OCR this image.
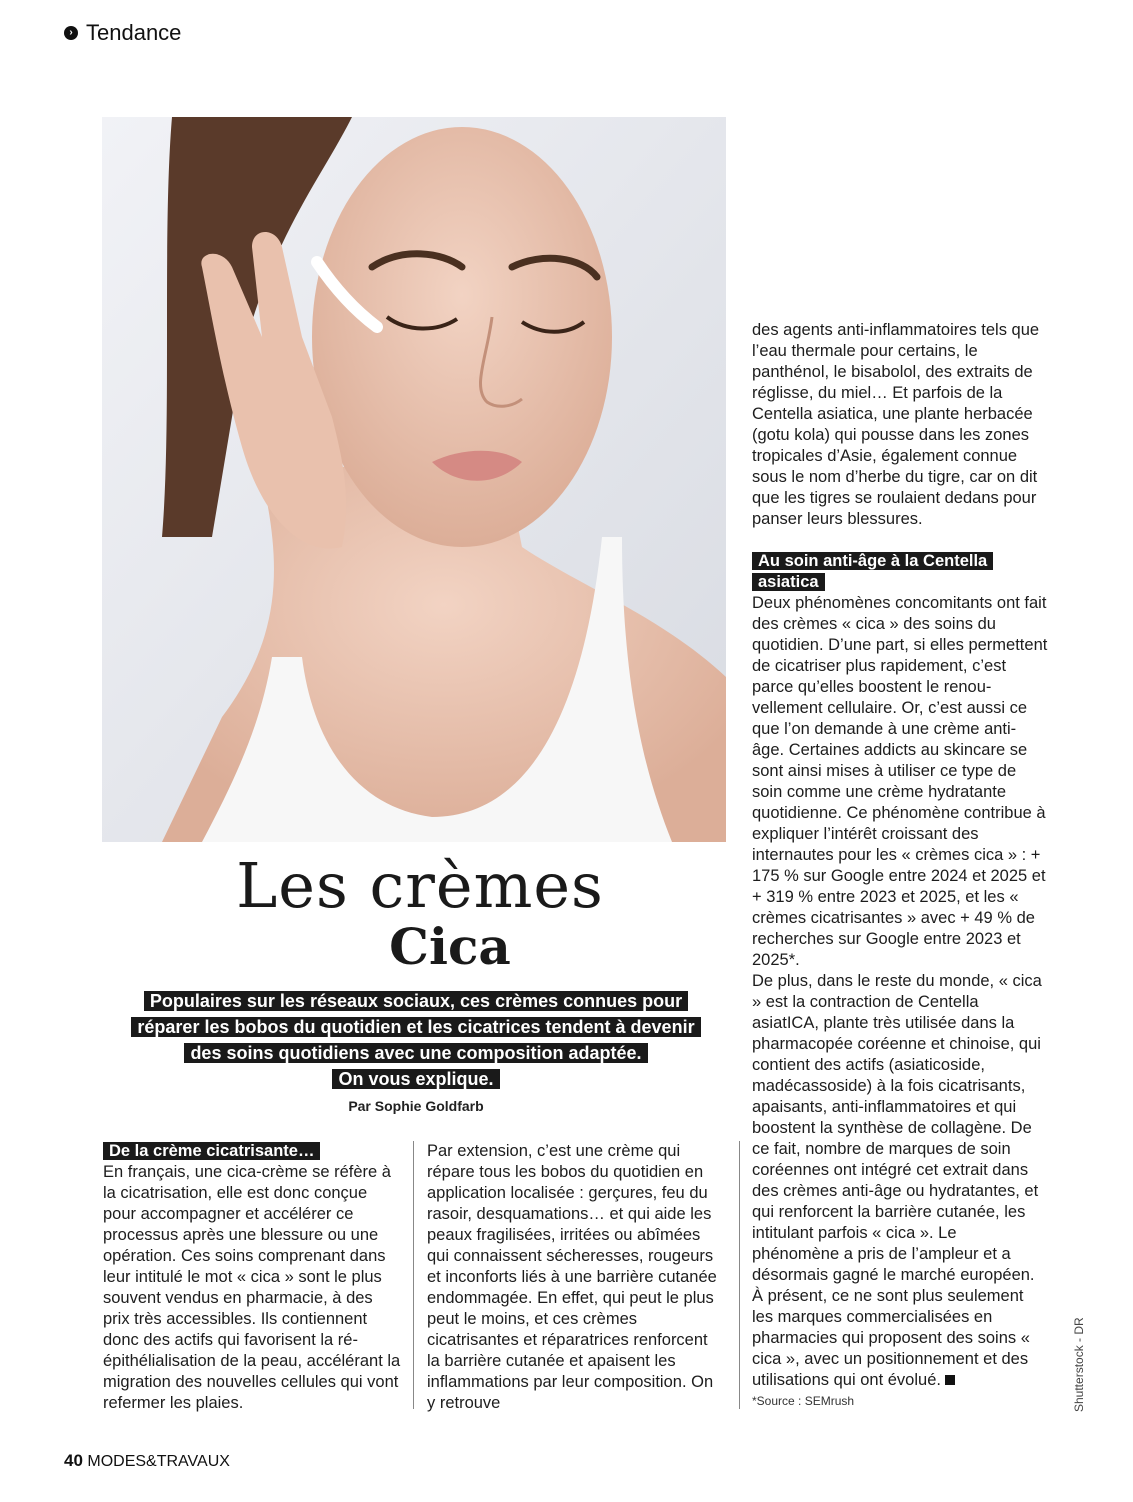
› Tendance
Les crèmes
Cica
Populaires sur les réseaux sociaux, ces crèmes connues pour
réparer les bobos du quotidien et les cicatrices tendent à devenir
des soins quotidiens avec une composition adaptée.
On vous explique.
Par Sophie Goldfarb
De la crème cicatrisante…

En français, une cica-crème se réfère à la cicatrisation, elle est donc conçue pour accompagner et accélérer ce processus après une blessure ou une opération. Ces soins comprenant dans leur intitulé le mot « cica » sont le plus souvent vendus en pharmacie, à des prix très accessibles. Ils contiennent donc des actifs qui favorisent la réépithélialisation de la peau, accélérant la migration des nouvelles cellules qui vont refermer les plaies.

Par extension, c’est une crème qui répare tous les bobos du quotidien en application localisée : gerçures, feu du rasoir, desquamations… et qui aide les peaux fragilisées, irritées ou abîmées qui connaissent sécheresses, rougeurs et inconforts liés à une barrière cutanée endommagée. En effet, qui peut le plus peut le moins, et ces crèmes cicatrisantes et réparatrices renforcent la barrière cutanée et apaisent les inflammations par leur composition. On y retrouve

des agents anti-inflammatoires tels que l’eau thermale pour certains, le panthénol, le bisabolol, des extraits de réglisse, du miel… Et parfois de la Centella asiatica, une plante herbacée (gotu kola) qui pousse dans les zones tropicales d’Asie, également connue sous le nom d’herbe du tigre, car on dit que les tigres se roulaient dedans pour panser leurs blessures.

Au soin anti-âge à la Centella asiatica

Deux phénomènes concomitants ont fait des crèmes « cica » des soins du quotidien. D’une part, si elles permettent de cicatriser plus rapidement, c’est parce qu’elles boostent le renouvellement cellulaire. Or, c’est aussi ce que l’on demande à une crème anti-âge. Certaines addicts au skincare se sont ainsi mises à utiliser ce type de soin comme une crème hydratante quotidienne. Ce phénomène contribue à expliquer l’intérêt croissant des internautes pour les « crèmes cica » : + 175 % sur Google entre 2024 et 2025 et + 319 % entre 2023 et 2025, et les « crèmes cicatrisantes » avec + 49 % de recherches sur Google entre 2023 et 2025*.

De plus, dans le reste du monde, « cica » est la contraction de Centella asiatICA, plante très utilisée dans la pharmacopée coréenne et chinoise, qui contient des actifs (asiaticoside, madécassoside) à la fois cicatrisants, apaisants, anti-inflammatoires et qui boostent la synthèse de collagène. De ce fait, nombre de marques de soin coréennes ont intégré cet extrait dans des crèmes anti-âge ou hydratantes, et qui renforcent la barrière cutanée, les intitulant parfois « cica ». Le phénomène a pris de l’ampleur et a désormais gagné le marché européen. À présent, ce ne sont plus seulement les marques commercialisées en pharmacies qui proposent des soins « cica », avec un positionnement et des utilisations qui ont évolué.

*Source : SEMrush	Shutterstock - DR
40 MODES&TRAVAUX
